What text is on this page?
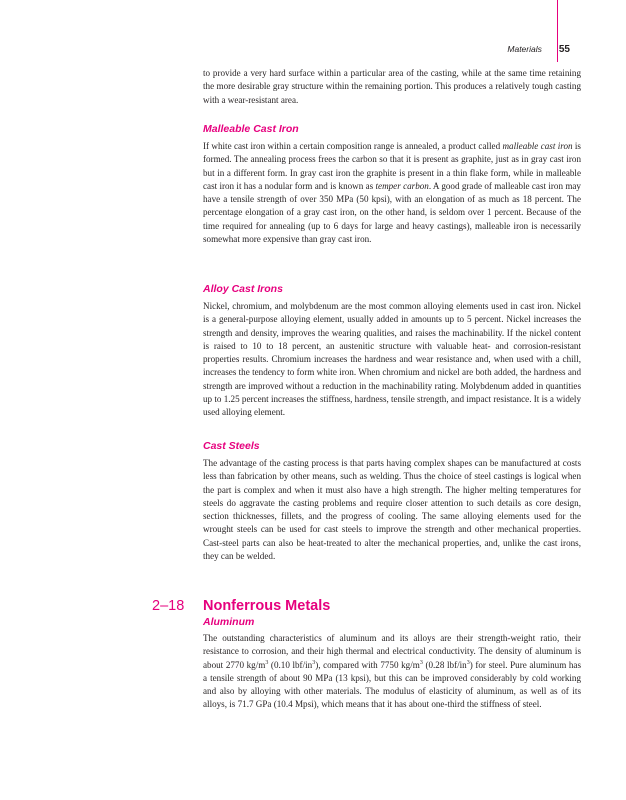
Materials 55

to provide a very hard surface within a particular area of the casting, while at the same time retaining the more desirable gray structure within the remaining portion. This produces a relatively tough casting with a wear-resistant area.

Malleable Cast Iron

If white cast iron within a certain composition range is annealed, a product called malleable cast iron is formed. The annealing process frees the carbon so that it is present as graphite, just as in gray cast iron but in a different form. In gray cast iron the graphite is present in a thin flake form, while in malleable cast iron it has a nodular form and is known as temper carbon. A good grade of malleable cast iron may have a tensile strength of over 350 MPa (50 kpsi), with an elongation of as much as 18 percent. The percentage elongation of a gray cast iron, on the other hand, is seldom over 1 percent. Because of the time required for annealing (up to 6 days for large and heavy castings), malleable iron is necessarily somewhat more expensive than gray cast iron.

Alloy Cast Irons

Nickel, chromium, and molybdenum are the most common alloying elements used in cast iron. Nickel is a general-purpose alloying element, usually added in amounts up to 5 percent. Nickel increases the strength and density, improves the wearing qualities, and raises the machinability. If the nickel content is raised to 10 to 18 percent, an austenitic structure with valuable heat- and corrosion-resistant properties results. Chromium increases the hardness and wear resistance and, when used with a chill, increases the tendency to form white iron. When chromium and nickel are both added, the hardness and strength are improved without a reduction in the machinability rating. Molybdenum added in quantities up to 1.25 percent increases the stiffness, hardness, tensile strength, and impact resistance. It is a widely used alloying element.

Cast Steels

The advantage of the casting process is that parts having complex shapes can be manufactured at costs less than fabrication by other means, such as welding. Thus the choice of steel castings is logical when the part is complex and when it must also have a high strength. The higher melting temperatures for steels do aggravate the casting problems and require closer attention to such details as core design, section thicknesses, fillets, and the progress of cooling. The same alloying elements used for the wrought steels can be used for cast steels to improve the strength and other mechanical properties. Cast-steel parts can also be heat-treated to alter the mechanical properties, and, unlike the cast irons, they can be welded.

2–18 Nonferrous Metals

Aluminum

The outstanding characteristics of aluminum and its alloys are their strength-weight ratio, their resistance to corrosion, and their high thermal and electrical conductivity. The density of aluminum is about 2770 $kg/m^3$ (0.10 lbf/$in^3$), compared with 7750 $kg/m^3$ (0.28 lbf/$in^3$) for steel. Pure aluminum has a tensile strength of about 90 MPa (13 kpsi), but this can be improved considerably by cold working and also by alloying with other materials. The modulus of elasticity of aluminum, as well as of its alloys, is 71.7 GPa (10.4 Mpsi), which means that it has about one-third the stiffness of steel.
